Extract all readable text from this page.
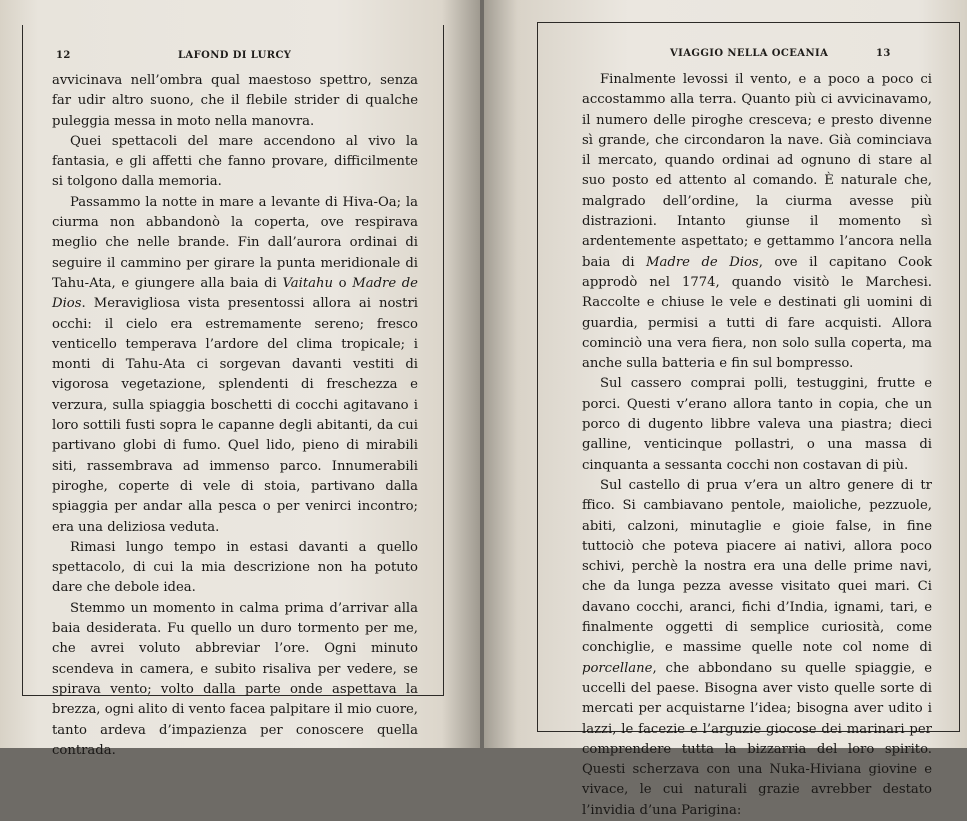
12	LAFOND DI LURCY

avvicinava nell’ombra qual maestoso spettro, senza far udir altro suono, che il flebile strider di qualche puleggia messa in moto nella manovra.

Quei spettacoli del mare accendono al vivo la fantasia, e gli affetti che fanno provare, difficilmente si tolgono dalla memoria.

Passammo la notte in mare a levante di Hiva-Oa; la ciurma non abbandonò la coperta, ove respirava meglio che nelle brande. Fin dall’aurora ordinai di seguire il cammino per girare la punta meridionale di Tahu-Ata, e giungere alla baia di Vaitahu o Madre de Dios. Meravigliosa vista presentossi allora ai nostri occhi: il cielo era estremamente sereno; fresco venticello temperava l’ardore del clima tropicale; i monti di Tahu-Ata ci sorgevan davanti vestiti di vigorosa vegetazione, splendenti di freschezza e verzura, sulla spiaggia boschetti di cocchi agitavano i loro sottili fusti sopra le capanne degli abitanti, da cui partivano globi di fumo. Quel lido, pieno di mirabili siti, rassembrava ad immenso parco. Innumerabili piroghe, coperte di vele di stoia, partivano dalla spiaggia per andar alla pesca o per venirci incontro; era una deliziosa veduta.

Rimasi lungo tempo in estasi davanti a quello spettacolo, di cui la mia descrizione non ha potuto dare che debole idea.

Stemmo un momento in calma prima d’arrivar alla baia desiderata. Fu quello un duro tormento per me, che avrei voluto abbreviar l’ore. Ogni minuto scendeva in camera, e subito risaliva per vedere, se spirava vento; volto dalla parte onde aspettava la brezza, ogni alito di vento facea palpitare il mio cuore, tanto ardeva d’impazienza per conoscere quella contrada.

VIAGGIO NELLA OCEANIA	13

Finalmente levossi il vento, e a poco a poco ci accostammo alla terra. Quanto più ci avvicinavamo, il numero delle piroghe cresceva; e presto divenne sì grande, che circondaron la nave. Già cominciava il mercato, quando ordinai ad ognuno di stare al suo posto ed attento al comando. È naturale che, malgrado dell’ordine, la ciurma avesse più distrazioni. Intanto giunse il momento sì ardentemente aspettato; e gettammo l’ancora nella baia di Madre de Dios, ove il capitano Cook approdò nel 1774, quando visitò le Marchesi. Raccolte e chiuse le vele e destinati gli uomini di guardia, permisi a tutti di fare acquisti. Allora cominciò una vera fiera, non solo sulla coperta, ma anche sulla batteria e fin sul bompresso.

Sul cassero comprai polli, testuggini, frutte e porci. Questi v’erano allora tanto in copia, che un porco di dugento libbre valeva una piastra; dieci galline, venticinque pollastri, o una massa di cinquanta a sessanta cocchi non costavan di più.

Sul castello di prua v’era un altro genere di tr ffico. Si cambiavano pentole, maioliche, pezzuole, abiti, calzoni, minutaglie e gioie false, in fine tuttociò che poteva piacere ai nativi, allora poco schivi, perchè la nostra era una delle prime navi, che da lunga pezza avesse visitato quei mari. Ci davano cocchi, aranci, fichi d’India, ignami, tari, e finalmente oggetti di semplice curiosità, come conchiglie, e massime quelle note col nome di porcellane, che abbondano su quelle spiaggie, e uccelli del paese. Bisogna aver visto quelle sorte di mercati per acquistarne l’idea; bisogna aver udito i lazzi, le facezie e l’arguzie giocose dei marinari per comprendere tutta la bizzarria del loro spirito. Questi scherzava con una Nuka-Hiviana giovine e vivace, le cui naturali grazie avrebber destato l’invidia d’una Parigina:
